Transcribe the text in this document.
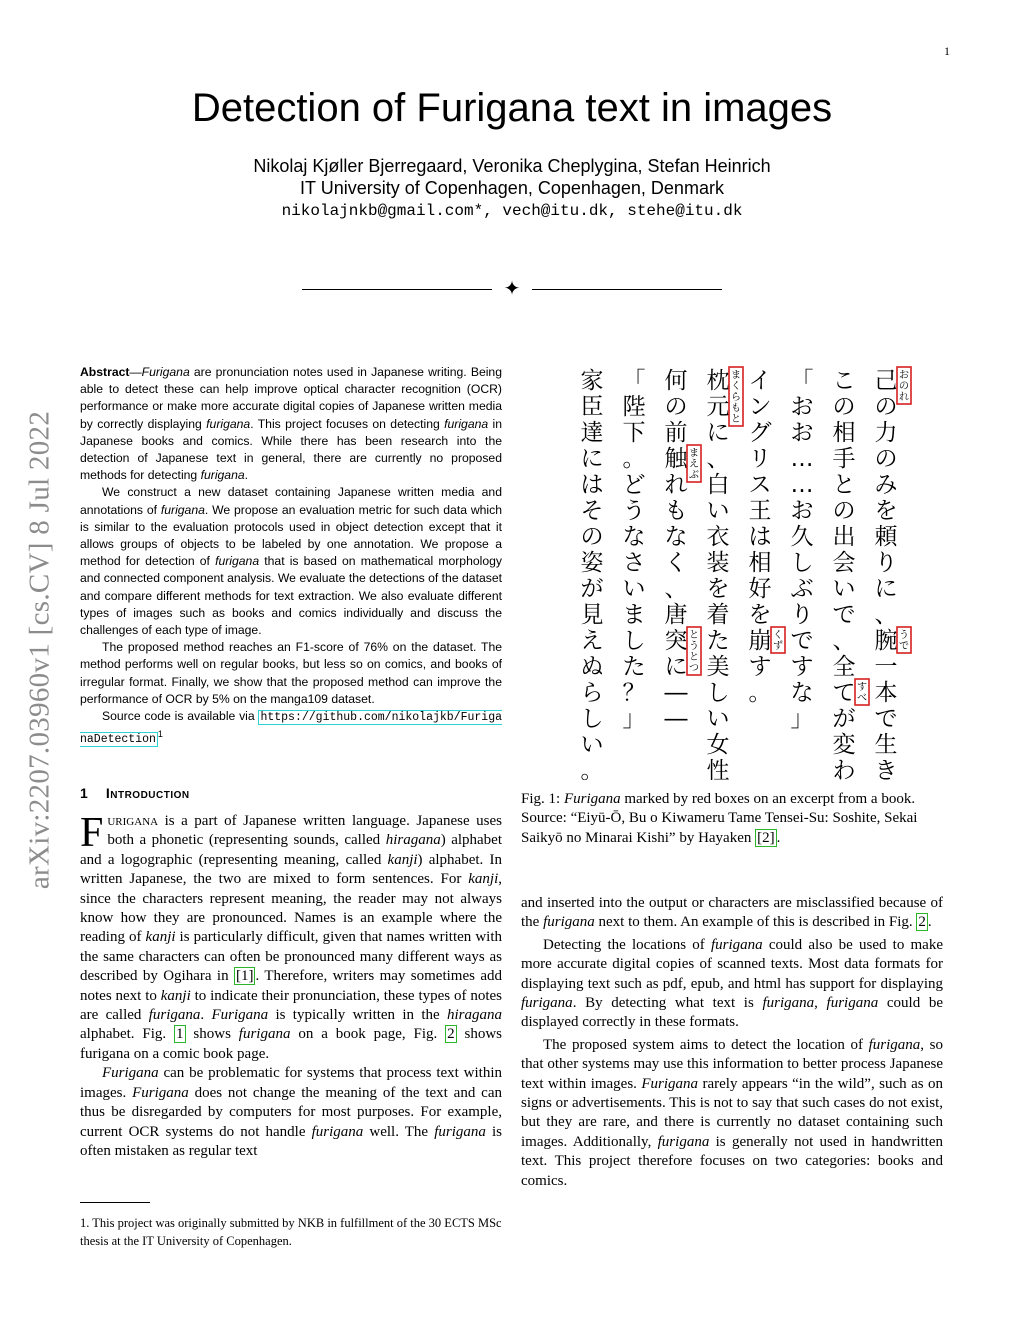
1
arXiv:2207.03960v1 [cs.CV] 8 Jul 2022
Detection of Furigana text in images
Nikolaj Kjøller Bjerregaard, Veronika Cheplygina, Stefan Heinrich
IT University of Copenhagen, Copenhagen, Denmark
nikolajnkb@gmail.com*, vech@itu.dk, stehe@itu.dk
✦

Abstract—Furigana are pronunciation notes used in Japanese writing. Being able to detect these can help improve optical character recognition (OCR) performance or make more accurate digital copies of Japanese written media by correctly displaying furigana. This project focuses on detecting furigana in Japanese books and comics. While there has been research into the detection of Japanese text in general, there are currently no proposed methods for detecting furigana.

We construct a new dataset containing Japanese written media and annotations of furigana. We propose an evaluation metric for such data which is similar to the evaluation protocols used in object detection except that it allows groups of objects to be labeled by one annotation. We propose a method for detection of furigana that is based on mathematical morphology and connected component analysis. We evaluate the detections of the dataset and compare different methods for text extraction. We also evaluate different types of images such as books and comics individually and discuss the challenges of each type of image.

The proposed method reaches an F1-score of 76% on the dataset. The method performs well on regular books, but less so on comics, and books of irregular format. Finally, we show that the proposed method can improve the performance of OCR by 5% on the manga109 dataset.

Source code is available via https://github.com/nikolajkb/FuriganaDetection $^1$

1 Introduction

Furigana is a part of Japanese written language. Japanese uses both a phonetic (representing sounds, called hiragana) alphabet and a logographic (representing meaning, called kanji) alphabet. In written Japanese, the two are mixed to form sentences. For kanji, since the characters represent meaning, the reader may not always know how they are pronounced. Names is an example where the reading of kanji is particularly difficult, given that names written with the same characters can often be pronounced many different ways as described by Ogihara in [1] . Therefore, writers may sometimes add notes next to kanji to indicate their pronunciation, these types of notes are called furigana. Furigana is typically written in the hiragana alphabet. Fig. 1 shows furigana on a book page, Fig. 2 shows furigana on a comic book page.

Furigana can be problematic for systems that process text within images. Furigana does not change the meaning of the text and can thus be disregarded by computers for most purposes. For example, current OCR systems do not handle furigana well. The furigana is often mistaken as regular text

1. This project was originally submitted by NKB in fulfillment of the 30 ECTS MSc thesis at the IT University of Copenhagen.
己
の
力
の
み
を
頼
り
に
、
腕
一
本
で
生
き
お
の
れ
う
で
こ
の
相
手
と
の
出
会
い
で
、
全
て
が
変
わ
す
べ
「
お
お
…
…
お
久
し
ぶ
り
で
す
な
」
イ
ン
グ
リ
ス
王
は
相
好
を
崩
す
。
く
ず
枕
元
に
、
白
い
衣
装
を
着
た
美
し
い
女
性
ま
く
ら
も
と
何
の
前
触
れ
も
な
く
、
唐
突
に
―
―
ま
え
ぶ
と
う
と
つ
「
陛
下
。
ど
う
な
さ
い
ま
し
た
？
」
家
臣
達
に
は
そ
の
姿
が
見
え
ぬ
ら
し
い
。
Fig. 1: Furigana marked by red boxes on an excerpt from a book. Source: “Eiyū-Ō, Bu o Kiwameru Tame Tensei-Su: Soshite, Sekai Saikyō no Minarai Kishi” by Hayaken [2] .

and inserted into the output or characters are misclassified because of the furigana next to them. An example of this is described in Fig. 2 .

Detecting the locations of furigana could also be used to make more accurate digital copies of scanned texts. Most data formats for displaying text such as pdf, epub, and html has support for displaying furigana. By detecting what text is furigana, furigana could be displayed correctly in these formats.

The proposed system aims to detect the location of furigana, so that other systems may use this information to better process Japanese text within images. Furigana rarely appears “in the wild”, such as on signs or advertisements. This is not to say that such cases do not exist, but they are rare, and there is currently no dataset containing such images. Additionally, furigana is generally not used in handwritten text. This project therefore focuses on two categories: books and comics.
